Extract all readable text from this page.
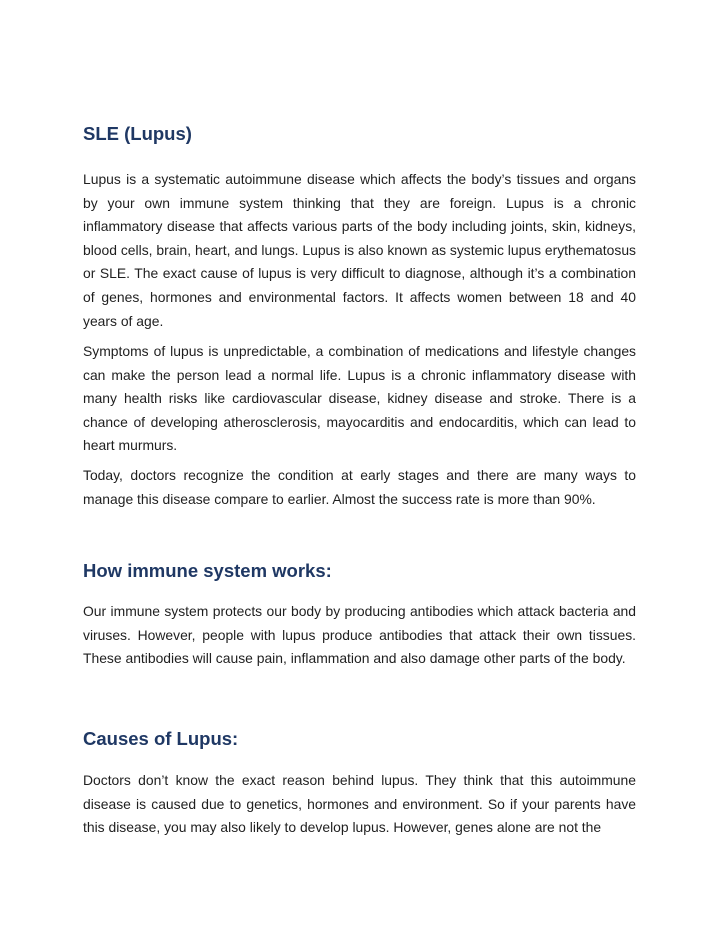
SLE (Lupus)

Lupus is a systematic autoimmune disease which affects the body’s tissues and organs by your own immune system thinking that they are foreign. Lupus is a chronic inflammatory disease that affects various parts of the body including joints, skin, kidneys, blood cells, brain, heart, and lungs. Lupus is also known as systemic lupus erythematosus or SLE. The exact cause of lupus is very difficult to diagnose, although it’s a combination of genes, hormones and environmental factors. It affects women between 18 and 40 years of age.

Symptoms of lupus is unpredictable, a combination of medications and lifestyle changes can make the person lead a normal life. Lupus is a chronic inflammatory disease with many health risks like cardiovascular disease, kidney disease and stroke. There is a chance of developing atherosclerosis, mayocarditis and endocarditis, which can lead to heart murmurs.

Today, doctors recognize the condition at early stages and there are many ways to manage this disease compare to earlier. Almost the success rate is more than 90%.

How immune system works:

Our immune system protects our body by producing antibodies which attack bacteria and viruses. However, people with lupus produce antibodies that attack their own tissues. These antibodies will cause pain, inflammation and also damage other parts of the body.

Causes of Lupus:

Doctors don’t know the exact reason behind lupus. They think that this autoimmune disease is caused due to genetics, hormones and environment. So if your parents have this disease, you may also likely to develop lupus. However, genes alone are not the
